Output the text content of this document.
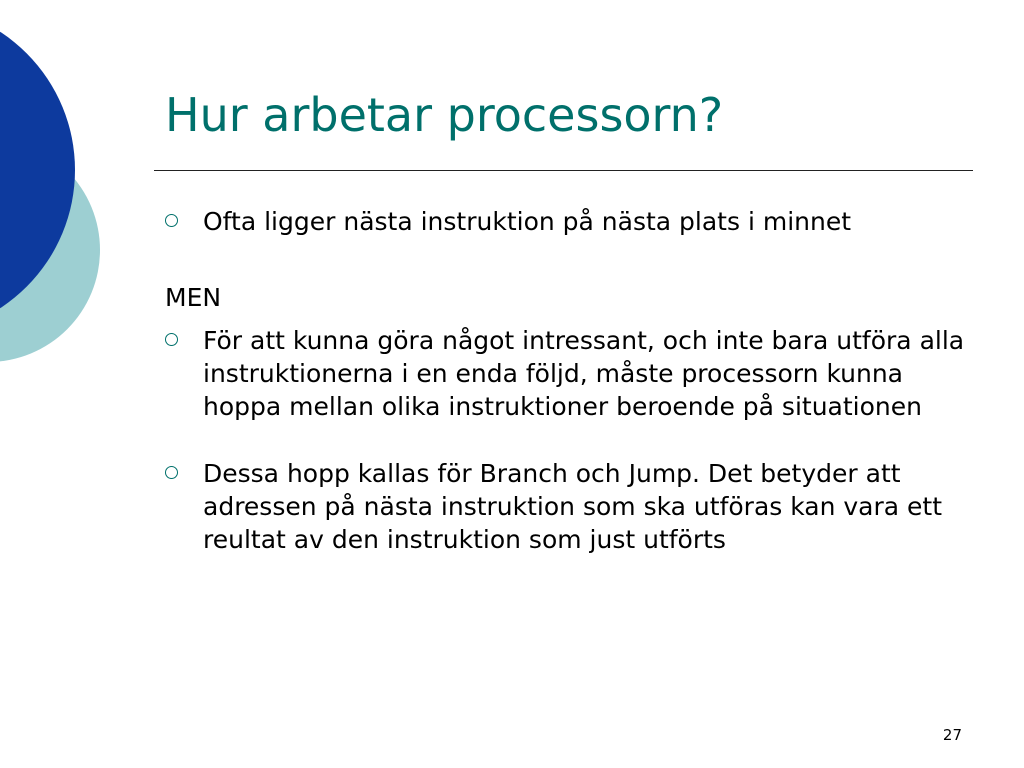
Hur arbetar processorn?
Ofta ligger nästa instruktion på nästa plats i minnet
MEN
För att kunna göra något intressant, och inte bara utföra alla instruktionerna i en enda följd, måste processorn kunna hoppa mellan olika instruktioner beroende på situationen
Dessa hopp kallas för Branch och Jump. Det betyder att adressen på nästa instruktion som ska utföras kan vara ett reultat av den instruktion som just utförts
27
